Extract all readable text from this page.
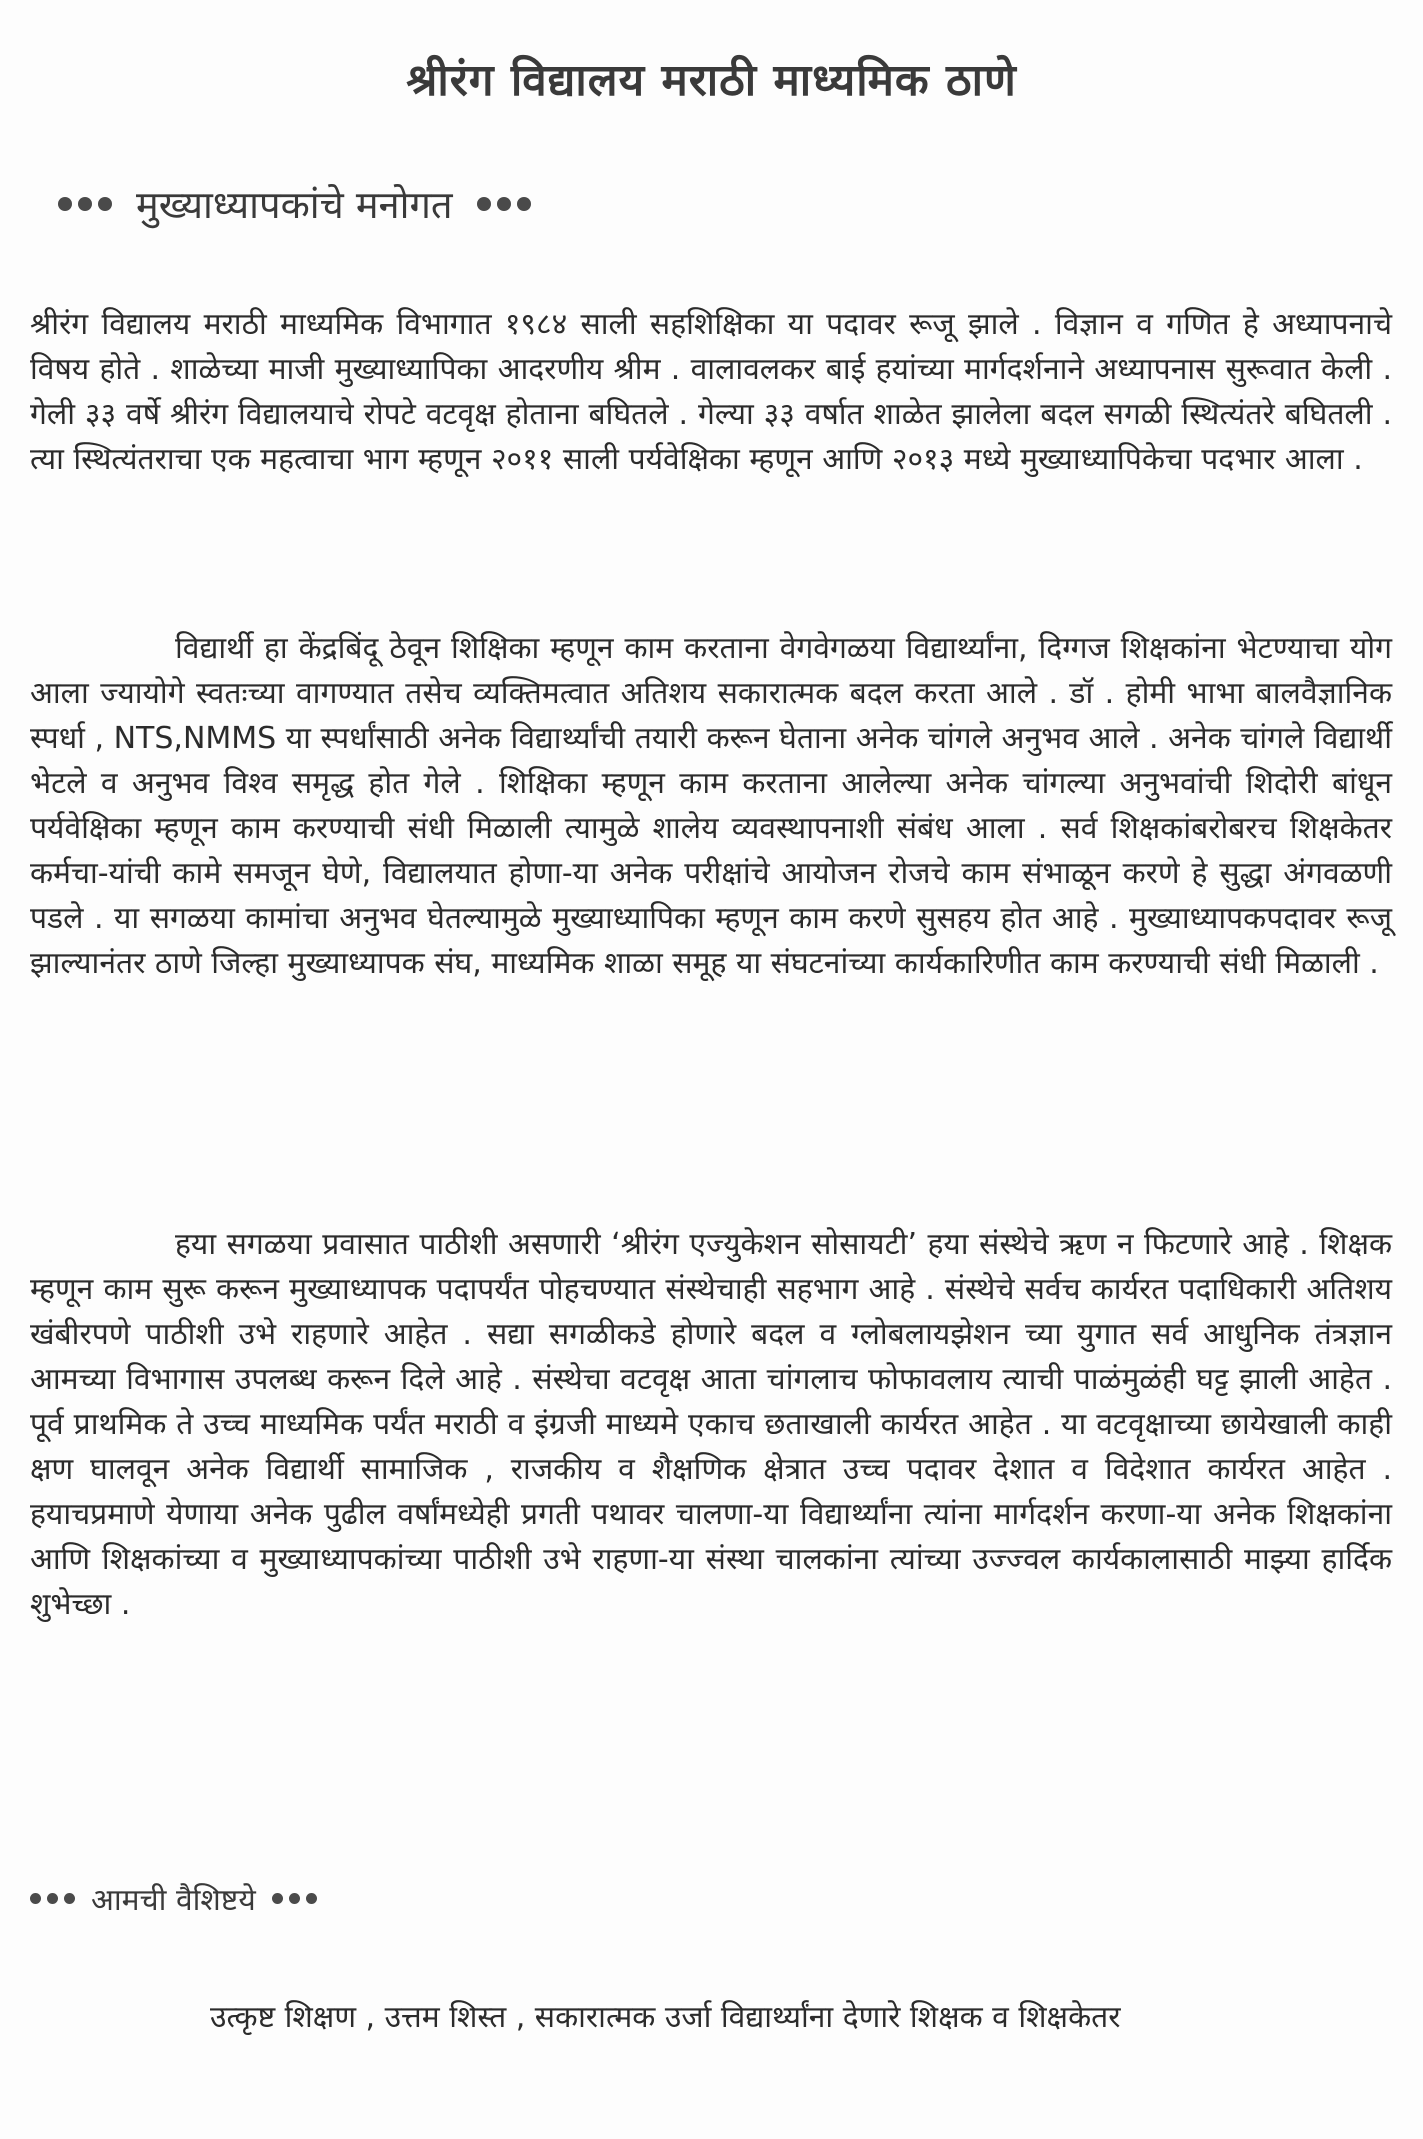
श्रीरंग विद्यालय मराठी माध्यमिक ठाणे
मुख्याध्यापकांचे मनोगत

श्रीरंग विद्यालय मराठी माध्यमिक विभागात १९८४ साली सहशिक्षिका या पदावर रूजू झाले . विज्ञान व गणित हे अध्यापनाचे विषय होते . शाळेच्या माजी मुख्याध्यापिका आदरणीय श्रीम . वालावलकर बाई हयांच्या मार्गदर्शनाने अध्यापनास सुरूवात केली . गेली ३३ वर्षे श्रीरंग विद्यालयाचे रोपटे वटवृक्ष होताना बघितले . गेल्या ३३ वर्षात शाळेत झालेला बदल सगळी स्थित्यंतरे बघितली . त्या स्थित्यंतराचा एक महत्वाचा भाग म्हणून २०११ साली पर्यवेक्षिका म्हणून आणि २०१३ मध्ये मुख्याध्यापिकेचा पदभार आला .

विद्यार्थी हा केंद्रबिंदू ठेवून शिक्षिका म्हणून काम करताना वेगवेगळया विद्यार्थ्यांना, दिग्गज शिक्षकांना भेटण्याचा योग आला ज्यायोगे स्वतःच्या वागण्यात तसेच व्यक्तिमत्वात अतिशय सकारात्मक बदल करता आले . डॉ . होमी भाभा बालवैज्ञानिक स्पर्धा , NTS,NMMS या स्पर्धांसाठी अनेक विद्यार्थ्यांची तयारी करून घेताना अनेक चांगले अनुभव आले . अनेक चांगले विद्यार्थी भेटले व अनुभव विश्व समृद्ध होत गेले . शिक्षिका म्हणून काम करताना आलेल्या अनेक चांगल्या अनुभवांची शिदोरी बांधून पर्यवेक्षिका म्हणून काम करण्याची संधी मिळाली त्यामुळे शालेय व्यवस्थापनाशी संबंध आला . सर्व शिक्षकांबरोबरच शिक्षकेतर कर्मचा-यांची कामे समजून घेणे, विद्यालयात होणा-या अनेक परीक्षांचे आयोजन रोजचे काम संभाळून करणे हे सुद्धा अंगवळणी पडले . या सगळया कामांचा अनुभव घेतल्यामुळे मुख्याध्यापिका म्हणून काम करणे सुसहय होत आहे . मुख्याध्यापकपदावर रूजू झाल्यानंतर ठाणे जिल्हा मुख्याध्यापक संघ, माध्यमिक शाळा समूह या संघटनांच्या कार्यकारिणीत काम करण्याची संधी मिळाली .

हया सगळया प्रवासात पाठीशी असणारी ‘श्रीरंग एज्युकेशन सोसायटी’ हया संस्थेचे ऋण न फिटणारे आहे . शिक्षक म्हणून काम सुरू करून मुख्याध्यापक पदापर्यंत पोहचण्यात संस्थेचाही सहभाग आहे . संस्थेचे सर्वच कार्यरत पदाधिकारी अतिशय खंबीरपणे पाठीशी उभे राहणारे आहेत . सद्या सगळीकडे होणारे बदल व ग्लोबलायझेशन च्या युगात सर्व आधुनिक तंत्रज्ञान आमच्या विभागास उपलब्ध करून दिले आहे . संस्थेचा वटवृक्ष आता चांगलाच फोफावलाय त्याची पाळंमुळंही घट्ट झाली आहेत . पूर्व प्राथमिक ते उच्च माध्यमिक पर्यंत मराठी व इंग्रजी माध्यमे एकाच छताखाली कार्यरत आहेत . या वटवृक्षाच्या छायेखाली काही क्षण घालवून अनेक विद्यार्थी सामाजिक , राजकीय व शैक्षणिक क्षेत्रात उच्च पदावर देशात व विदेशात कार्यरत आहेत . हयाचप्रमाणे येणाया अनेक पुढील वर्षांमध्येही प्रगती पथावर चालणा-या विद्यार्थ्यांना त्यांना मार्गदर्शन करणा-या अनेक शिक्षकांना आणि शिक्षकांच्या व मुख्याध्यापकांच्या पाठीशी उभे राहणा-या संस्था चालकांना त्यांच्या उज्ज्वल कार्यकालासाठी माझ्या हार्दिक शुभेच्छा .

आमची वैशिष्टये
उत्कृष्ट शिक्षण , उत्तम शिस्त , सकारात्मक उर्जा विद्यार्थ्यांना देणारे शिक्षक व शिक्षकेतर
